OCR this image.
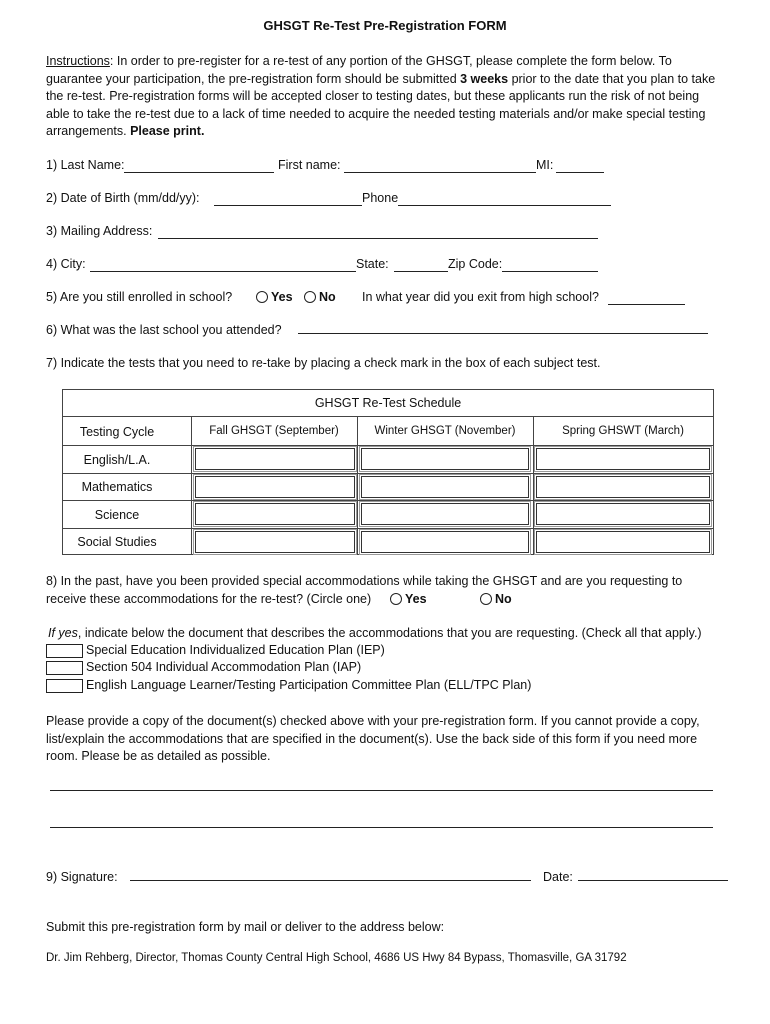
GHSGT Re-Test Pre-Registration FORM
Instructions: In order to pre-register for a re-test of any portion of the GHSGT, please complete the form below. To guarantee your participation, the pre-registration form should be submitted 3 weeks prior to the date that you plan to take the re-test. Pre-registration forms will be accepted closer to testing dates, but these applicants run the risk of not being able to take the re-test due to a lack of time needed to acquire the needed testing materials and/or make special testing arrangements. Please print.
1) Last Name:	First name:	MI:
2) Date of Birth (mm/dd/yy):	Phone
3) Mailing Address:
4) City:	State:	Zip Code:
5) Are you still enrolled in school?	Yes	No In what year did you exit from high school?
6) What was the last school you attended?
7) Indicate the tests that you need to re-take by placing a check mark in the box of each subject test.
GHSGT Re-Test Schedule
Testing Cycle	Fall GHSGT (September)	Winter GHSGT (November)	Spring GHSWT (March)
English/L.A.
Mathematics
Science
Social Studies
8) In the past, have you been provided special accommodations while taking the GHSGT and are you requesting to
receive these accommodations for the re-test? (Circle one)	Yes	No
If yes, indicate below the document that describes the accommodations that you are requesting. (Check all that apply.)
Special Education Individualized Education Plan (IEP)
Section 504 Individual Accommodation Plan (IAP)
English Language Learner/Testing Participation Committee Plan (ELL/TPC Plan)
Please provide a copy of the document(s) checked above with your pre-registration form. If you cannot provide a copy, list/explain the accommodations that are specified in the document(s). Use the back side of this form if you need more room. Please be as detailed as possible.
9) Signature:	Date:
Submit this pre-registration form by mail or deliver to the address below:
Dr. Jim Rehberg, Director, Thomas County Central High School, 4686 US Hwy 84 Bypass, Thomasville, GA 31792
